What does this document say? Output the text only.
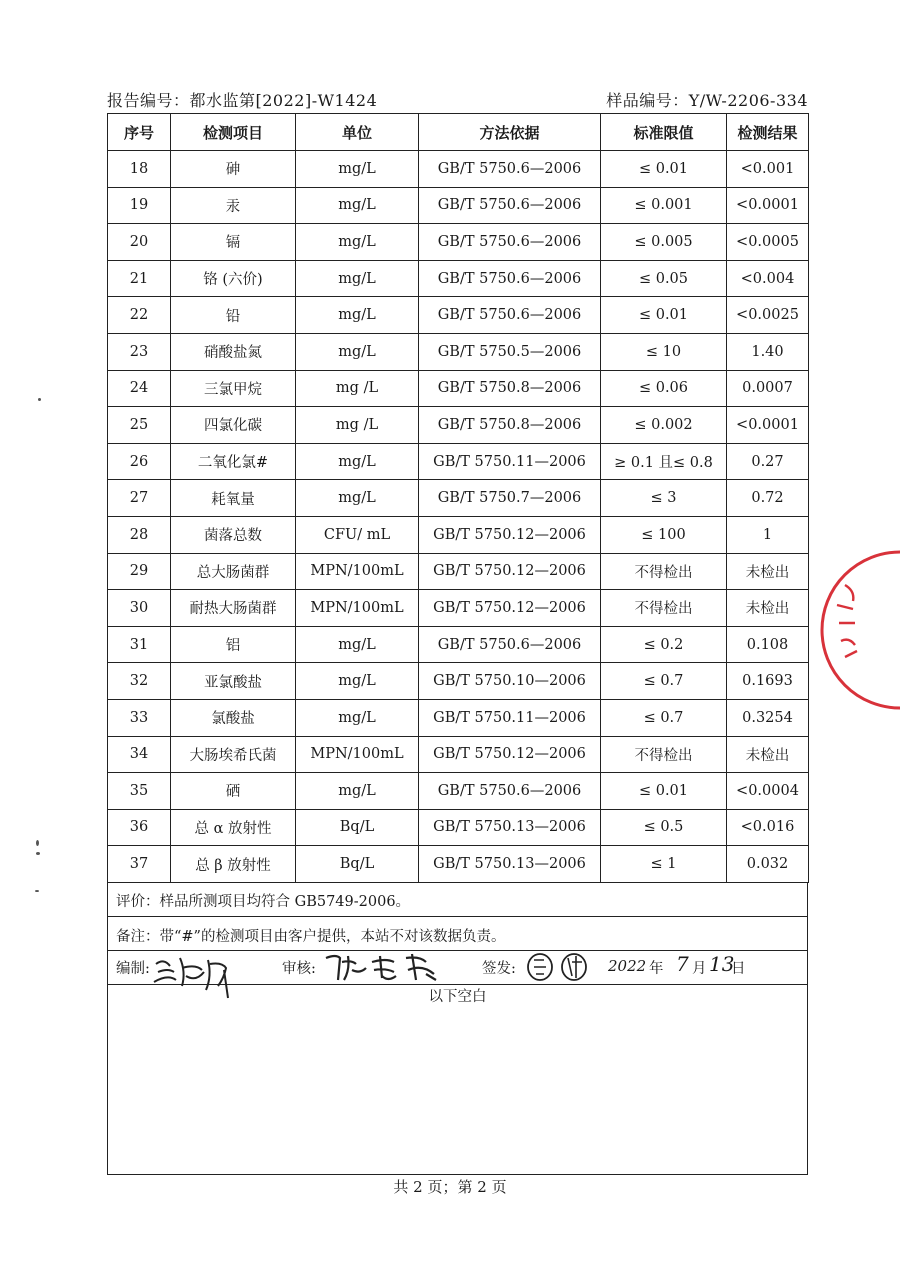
报告编号：都水监第[2022]-W1424	样品编号：Y/W-2206-334
序号	检测项目	单位	方法依据	标准限值	检测结果
18	砷	mg/L	GB/T 5750.6—2006	≤ 0.01	<0.001
19	汞	mg/L	GB/T 5750.6—2006	≤ 0.001	<0.0001
20	镉	mg/L	GB/T 5750.6—2006	≤ 0.005	<0.0005
21	铬 (六价)	mg/L	GB/T 5750.6—2006	≤ 0.05	<0.004
22	铅	mg/L	GB/T 5750.6—2006	≤ 0.01	<0.0025
23	硝酸盐氮	mg/L	GB/T 5750.5—2006	≤ 10	1.40
24	三氯甲烷	mg /L	GB/T 5750.8—2006	≤ 0.06	0.0007
25	四氯化碳	mg /L	GB/T 5750.8—2006	≤ 0.002	<0.0001
26	二氧化氯#	mg/L	GB/T 5750.11—2006	≥ 0.1 且≤ 0.8	0.27
27	耗氧量	mg/L	GB/T 5750.7—2006	≤ 3	0.72
28	菌落总数	CFU/ mL	GB/T 5750.12—2006	≤ 100	1
29	总大肠菌群	MPN/100mL	GB/T 5750.12—2006	不得检出	未检出
30	耐热大肠菌群	MPN/100mL	GB/T 5750.12—2006	不得检出	未检出
31	铝	mg/L	GB/T 5750.6—2006	≤ 0.2	0.108
32	亚氯酸盐	mg/L	GB/T 5750.10—2006	≤ 0.7	0.1693
33	氯酸盐	mg/L	GB/T 5750.11—2006	≤ 0.7	0.3254
34	大肠埃希氏菌	MPN/100mL	GB/T 5750.12—2006	不得检出	未检出
35	硒	mg/L	GB/T 5750.6—2006	≤ 0.01	<0.0004
36	总 α 放射性	Bq/L	GB/T 5750.13—2006	≤ 0.5	<0.016
37	总 β 放射性	Bq/L	GB/T 5750.13—2006	≤ 1	0.032
评价：样品所测项目均符合 GB5749-2006。
备注：带“#”的检测项目由客户提供，本站不对该数据负责。
编制:	审核:	签发:	2022 年 7 月 13
日
以下空白
共 2 页；第 2 页
